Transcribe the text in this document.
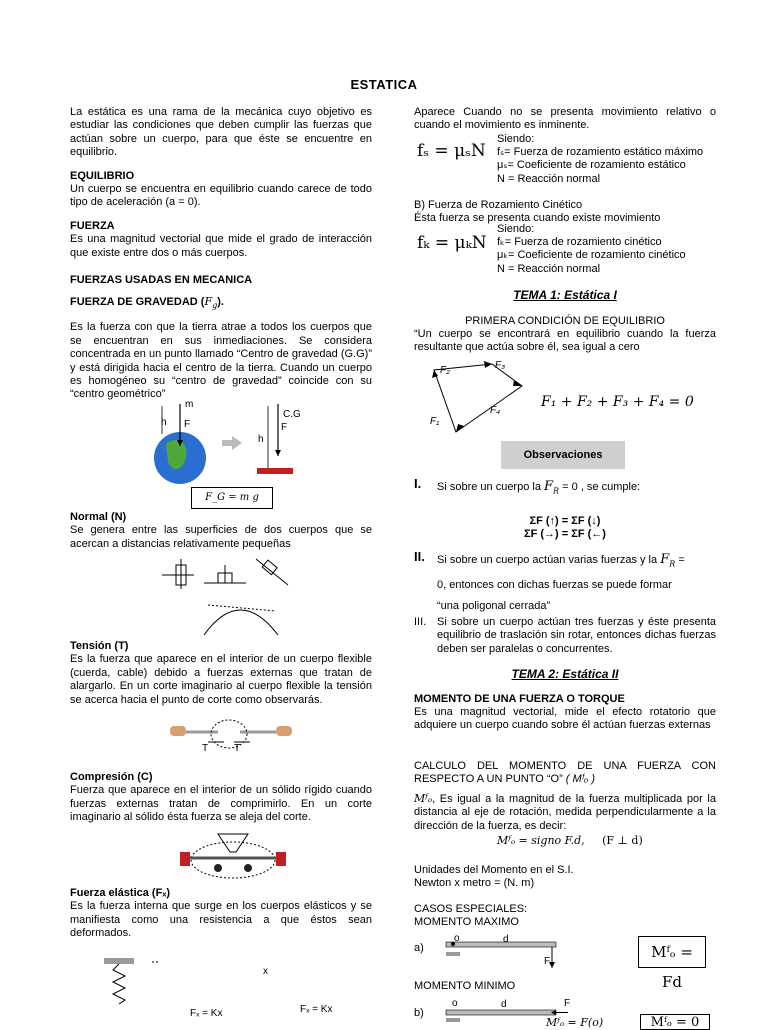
ESTATICA

La estática es una rama de la mecánica cuyo objetivo es estudiar las condiciones que deben cumplir las fuerzas que actúan sobre un cuerpo, para que éste se encuentre en equilibrio.

EQUILIBRIO

Un cuerpo se encuentra en equilibrio cuando carece de todo tipo de aceleración (a = 0).

FUERZA

Es una magnitud vectorial que mide el grado de interacción que existe entre dos o más cuerpos.

FUERZAS USADAS EN MECANICA

FUERZA DE GRAVEDAD $(F_g)$.

Es la fuerza con que la tierra atrae a todos los cuerpos que se encuentran en sus inmediaciones. Se considera concentrada en un punto llamado “Centro de gravedad (G.G)” y está dirigida hacia el centro de la tierra. Cuando un cuerpo es homogéneo su “centro de gravedad” coincide con su “centro geométrico”

m
h F
C.G
h
F
F_G = m g

Normal (N)

Se genera entre las superficies de dos cuerpos que se acercan a distancias relativamente pequeñas

Tensión (T)

Es la fuerza que aparece en el interior de un cuerpo flexible (cuerda, cable) debido a fuerzas externas que tratan de alargarlo. En un corte imaginario al cuerpo flexible la tensión se acerca hacia el punto de corte como observarás.

T	T

Compresión (C)

Fuerza que aparece en el interior de un sólido rígido cuando fuerzas externas tratan de comprimirlo. En un corte imaginario al sólido ésta fuerza se aleja del corte.

Fuerza elástica (Fₓ)

Es la fuerza interna que surge en los cuerpos elásticos y se manifiesta como una resistencia a que éstos sean deformados.

x
Fₓ = Kx	Fₓ = Kx

Aparece Cuando no se presenta movimiento relativo o cuando el movimiento es inminente.

Siendo:
fₛ = μₛN fₛ= Fuerza de rozamiento estático máximo
μₛ= Coeficiente de rozamiento estático
N = Reacción normal
B) Fuerza de Rozamiento Cinético
Ésta fuerza se presenta cuando existe movimiento
Siendo:
fₖ = μₖN fₖ= Fuerza de rozamiento cinético
μₖ= Coeficiente de rozamiento cinético
N = Reacción normal
TEMA 1: Estática I
PRIMERA CONDICIÓN DE EQUILIBRIO
“Un cuerpo se encontrará en equilibrio cuando la fuerza resultante que actúa sobre él, sea igual a cero
F₂	F₃
F₄
F₁
F₁ + F₂ + F₃ + F₄ = 0
Observaciones
I. Si sobre un cuerpo la $F_R = 0$ , se cumple:
ΣF (↑) = ΣF (↓)
ΣF (→) = ΣF (←)
II. Si sobre un cuerpo actúan varias fuerzas y la $F_R$ =
0, entonces con dichas fuerzas se puede formar
“una poligonal cerrada”
III. Si sobre un cuerpo actúan tres fuerzas y éste presenta equilibrio de traslación sin rotar, entonces dichas fuerzas deben ser paralelas o concurrentes.
TEMA 2: Estática II
MOMENTO DE UNA FUERZA O TORQUE
Es una magnitud vectorial, mide el efecto rotatorio que adquiere un cuerpo cuando sobre él actúan fuerzas externas
CALCULO DEL MOMENTO DE UNA FUERZA CON RESPECTO A UN PUNTO “O” ( Mᶠₒ )
Mᶠₒ, Es igual a la magnitud de la fuerza multiplicada por la distancia al eje de rotación, medida perpendicularmente a la dirección de la fuerza, es decir:
Mᶠₒ = signo F.d, (F ⊥ d)
Unidades del Momento en el S.I.
Newton x metro = (N. m)
CASOS ESPECIALES:
MOMENTO MAXIMO
a)
o	d
F
Mᶠₒ = Fd
MOMENTO MINIMO
b)
o	d	F
Mᶠₒ = F(o)	Mᶠₒ = 0
